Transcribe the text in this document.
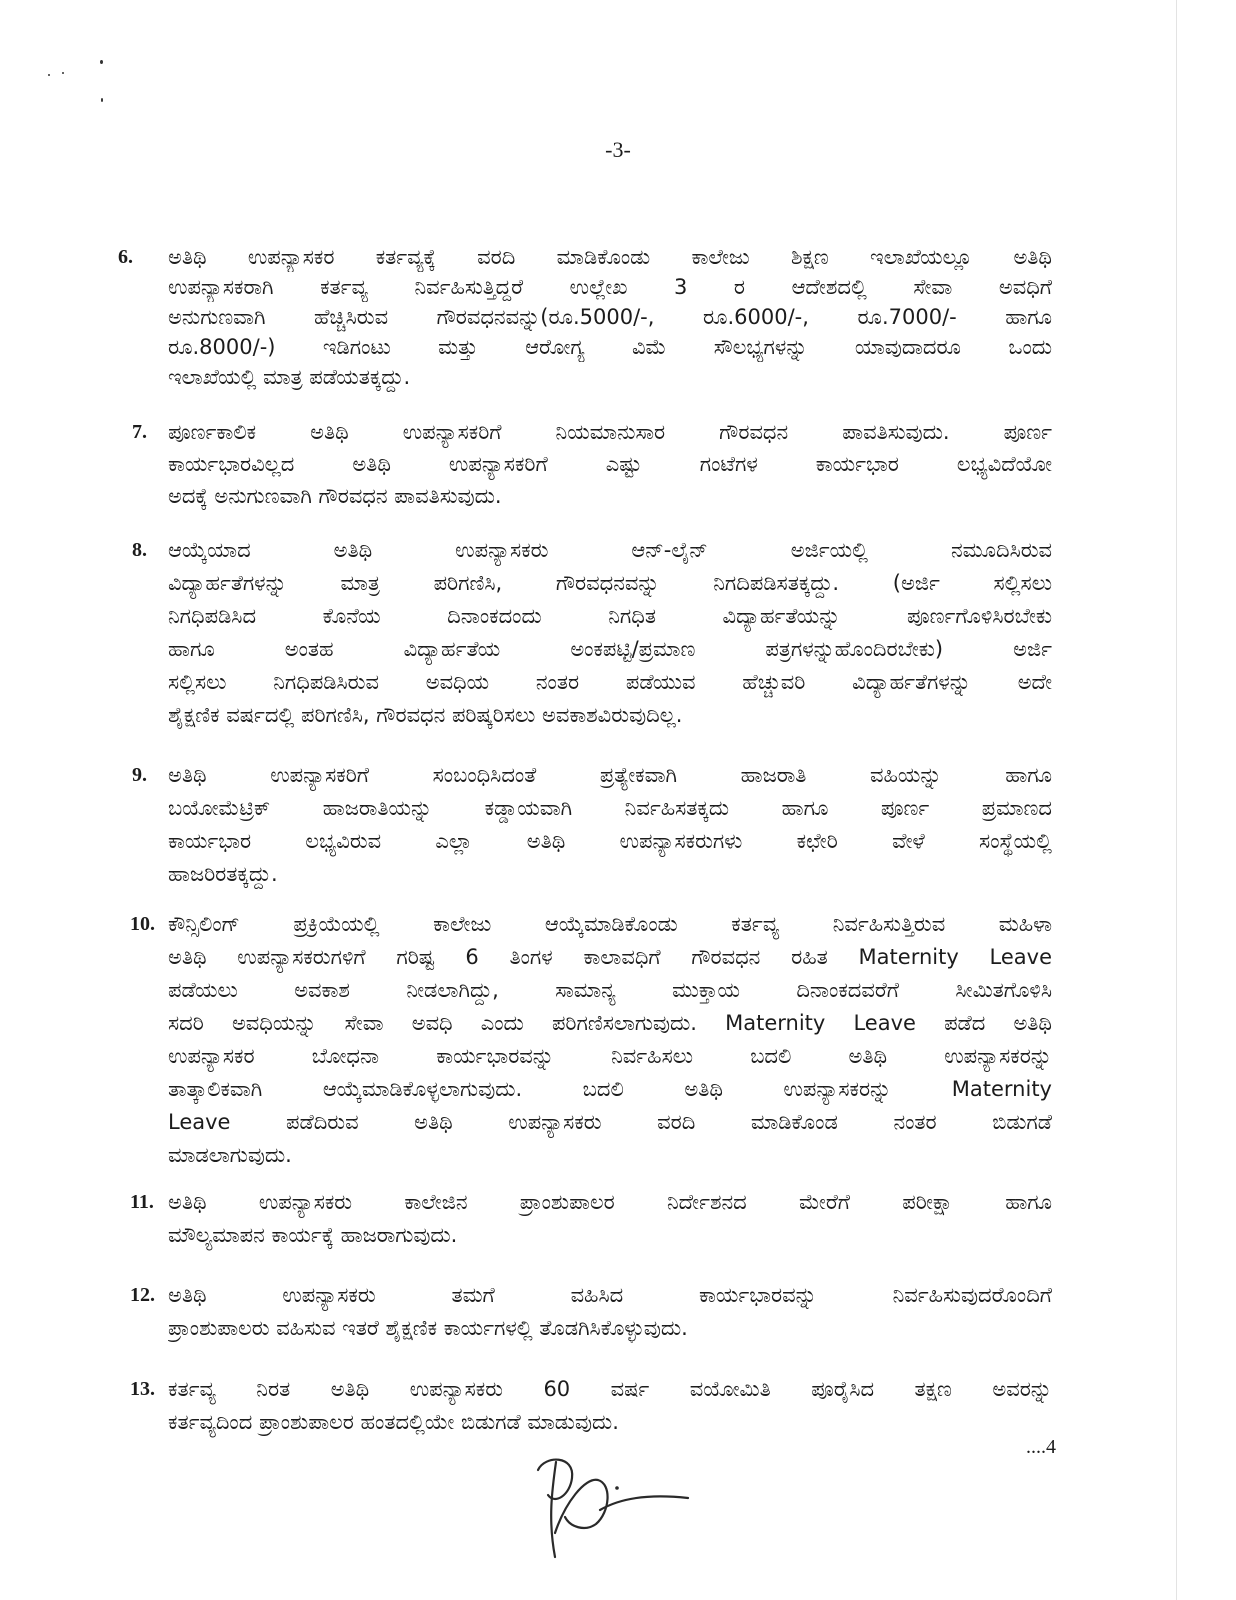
-3-
6. ಅತಿಥಿ ಉಪನ್ಯಾಸಕರ ಕರ್ತವ್ಯಕ್ಕೆ ವರದಿ ಮಾಡಿಕೊಂಡು ಕಾಲೇಜು ಶಿಕ್ಷಣ ಇಲಾಖೆಯಲ್ಲೂ ಅತಿಥಿ
ಉಪನ್ಯಾಸಕರಾಗಿ ಕರ್ತವ್ಯ ನಿರ್ವಹಿಸುತ್ತಿದ್ದರೆ ಉಲ್ಲೇಖ 3 ರ ಆದೇಶದಲ್ಲಿ ಸೇವಾ ಅವಧಿಗೆ
ಅನುಗುಣವಾಗಿ ಹೆಚ್ಚಿಸಿರುವ ಗೌರವಧನವನ್ನು(ರೂ.5000/-, ರೂ.6000/-, ರೂ.7000/- ಹಾಗೂ
ರೂ.8000/-) ಇಡಿಗಂಟು ಮತ್ತು ಆರೋಗ್ಯ ವಿಮೆ ಸೌಲಭ್ಯಗಳನ್ನು ಯಾವುದಾದರೂ ಒಂದು
ಇಲಾಖೆಯಲ್ಲಿ ಮಾತ್ರ ಪಡೆಯತಕ್ಕದ್ದು.
7. ಪೂರ್ಣಕಾಲಿಕ ಅತಿಥಿ ಉಪನ್ಯಾಸಕರಿಗೆ ನಿಯಮಾನುಸಾರ ಗೌರವಧನ ಪಾವತಿಸುವುದು. ಪೂರ್ಣ
ಕಾರ್ಯಭಾರವಿಲ್ಲದ ಅತಿಥಿ ಉಪನ್ಯಾಸಕರಿಗೆ ಎಷ್ಟು ಗಂಟೆಗಳ ಕಾರ್ಯಭಾರ ಲಭ್ಯವಿದೆಯೋ
ಅದಕ್ಕೆ ಅನುಗುಣವಾಗಿ ಗೌರವಧನ ಪಾವತಿಸುವುದು.
8. ಆಯ್ಕೆಯಾದ ಅತಿಥಿ ಉಪನ್ಯಾಸಕರು ಆನ್-ಲೈನ್ ಅರ್ಜಿಯಲ್ಲಿ ನಮೂದಿಸಿರುವ
ವಿದ್ಯಾರ್ಹತೆಗಳನ್ನು ಮಾತ್ರ ಪರಿಗಣಿಸಿ, ಗೌರವಧನವನ್ನು ನಿಗದಿಪಡಿಸತಕ್ಕದ್ದು. (ಅರ್ಜಿ ಸಲ್ಲಿಸಲು
ನಿಗಧಿಪಡಿಸಿದ ಕೊನೆಯ ದಿನಾಂಕದಂದು ನಿಗಧಿತ ವಿದ್ಯಾರ್ಹತೆಯನ್ನು ಪೂರ್ಣಗೊಳಿಸಿರಬೇಕು
ಹಾಗೂ ಅಂತಹ ವಿದ್ಯಾರ್ಹತೆಯ ಅಂಕಪಟ್ಟಿ/ಪ್ರಮಾಣ ಪತ್ರಗಳನ್ನುಹೊಂದಿರಬೇಕು) ಅರ್ಜಿ
ಸಲ್ಲಿಸಲು ನಿಗಧಿಪಡಿಸಿರುವ ಅವಧಿಯ ನಂತರ ಪಡೆಯುವ ಹೆಚ್ಚುವರಿ ವಿದ್ಯಾರ್ಹತೆಗಳನ್ನು ಅದೇ
ಶೈಕ್ಷಣಿಕ ವರ್ಷದಲ್ಲಿ ಪರಿಗಣಿಸಿ, ಗೌರವಧನ ಪರಿಷ್ಕರಿಸಲು ಅವಕಾಶವಿರುವುದಿಲ್ಲ.
9. ಅತಿಥಿ ಉಪನ್ಯಾಸಕರಿಗೆ ಸಂಬಂಧಿಸಿದಂತೆ ಪ್ರತ್ಯೇಕವಾಗಿ ಹಾಜರಾತಿ ವಹಿಯನ್ನು ಹಾಗೂ
ಬಯೋಮೆಟ್ರಿಕ್ ಹಾಜರಾತಿಯನ್ನು ಕಡ್ಡಾಯವಾಗಿ ನಿರ್ವಹಿಸತಕ್ಕದು ಹಾಗೂ ಪೂರ್ಣ ಪ್ರಮಾಣದ
ಕಾರ್ಯಭಾರ ಲಭ್ಯವಿರುವ ಎಲ್ಲಾ ಅತಿಥಿ ಉಪನ್ಯಾಸಕರುಗಳು ಕಛೇರಿ ವೇಳೆ ಸಂಸ್ಥೆಯಲ್ಲಿ
ಹಾಜರಿರತಕ್ಕದ್ದು.
10. ಕೌನ್ಸಿಲಿಂಗ್ ಪ್ರಕ್ರಿಯೆಯಲ್ಲಿ ಕಾಲೇಜು ಆಯ್ಕೆಮಾಡಿಕೊಂಡು ಕರ್ತವ್ಯ ನಿರ್ವಹಿಸುತ್ತಿರುವ ಮಹಿಳಾ
ಅತಿಥಿ ಉಪನ್ಯಾಸಕರುಗಳಿಗೆ ಗರಿಷ್ಟ 6 ತಿಂಗಳ ಕಾಲಾವಧಿಗೆ ಗೌರವಧನ ರಹಿತ Maternity Leave
ಪಡೆಯಲು ಅವಕಾಶ ನೀಡಲಾಗಿದ್ದು, ಸಾಮಾನ್ಯ ಮುಕ್ತಾಯ ದಿನಾಂಕದವರೆಗೆ ಸೀಮಿತಗೊಳಿಸಿ
ಸದರಿ ಅವಧಿಯನ್ನು ಸೇವಾ ಅವಧಿ ಎಂದು ಪರಿಗಣಿಸಲಾಗುವುದು. Maternity Leave ಪಡೆದ ಅತಿಥಿ
ಉಪನ್ಯಾಸಕರ ಬೋಧನಾ ಕಾರ್ಯಭಾರವನ್ನು ನಿರ್ವಹಿಸಲು ಬದಲಿ ಅತಿಥಿ ಉಪನ್ಯಾಸಕರನ್ನು
ತಾತ್ಕಾಲಿಕವಾಗಿ ಆಯ್ಕೆಮಾಡಿಕೊಳ್ಳಲಾಗುವುದು. ಬದಲಿ ಅತಿಥಿ ಉಪನ್ಯಾಸಕರನ್ನು Maternity
Leave ಪಡೆದಿರುವ ಅತಿಥಿ ಉಪನ್ಯಾಸಕರು ವರದಿ ಮಾಡಿಕೊಂಡ ನಂತರ ಬಿಡುಗಡೆ
ಮಾಡಲಾಗುವುದು.
11. ಅತಿಥಿ ಉಪನ್ಯಾಸಕರು ಕಾಲೇಜಿನ ಪ್ರಾಂಶುಪಾಲರ ನಿರ್ದೇಶನದ ಮೇರೆಗೆ ಪರೀಕ್ಷಾ ಹಾಗೂ
ಮೌಲ್ಯಮಾಪನ ಕಾರ್ಯಕ್ಕೆ ಹಾಜರಾಗುವುದು.
12. ಅತಿಥಿ ಉಪನ್ಯಾಸಕರು ತಮಗೆ ವಹಿಸಿದ ಕಾರ್ಯಭಾರವನ್ನು ನಿರ್ವಹಿಸುವುದರೊಂದಿಗೆ
ಪ್ರಾಂಶುಪಾಲರು ವಹಿಸುವ ಇತರೆ ಶೈಕ್ಷಣಿಕ ಕಾರ್ಯಗಳಲ್ಲಿ ತೊಡಗಿಸಿಕೊಳ್ಳುವುದು.
13. ಕರ್ತವ್ಯ ನಿರತ ಅತಿಥಿ ಉಪನ್ಯಾಸಕರು 60 ವರ್ಷ ವಯೋಮಿತಿ ಪೂರೈಸಿದ ತಕ್ಷಣ ಅವರನ್ನು
ಕರ್ತವ್ಯದಿಂದ ಪ್ರಾಂಶುಪಾಲರ ಹಂತದಲ್ಲಿಯೇ ಬಿಡುಗಡೆ ಮಾಡುವುದು.
....4
